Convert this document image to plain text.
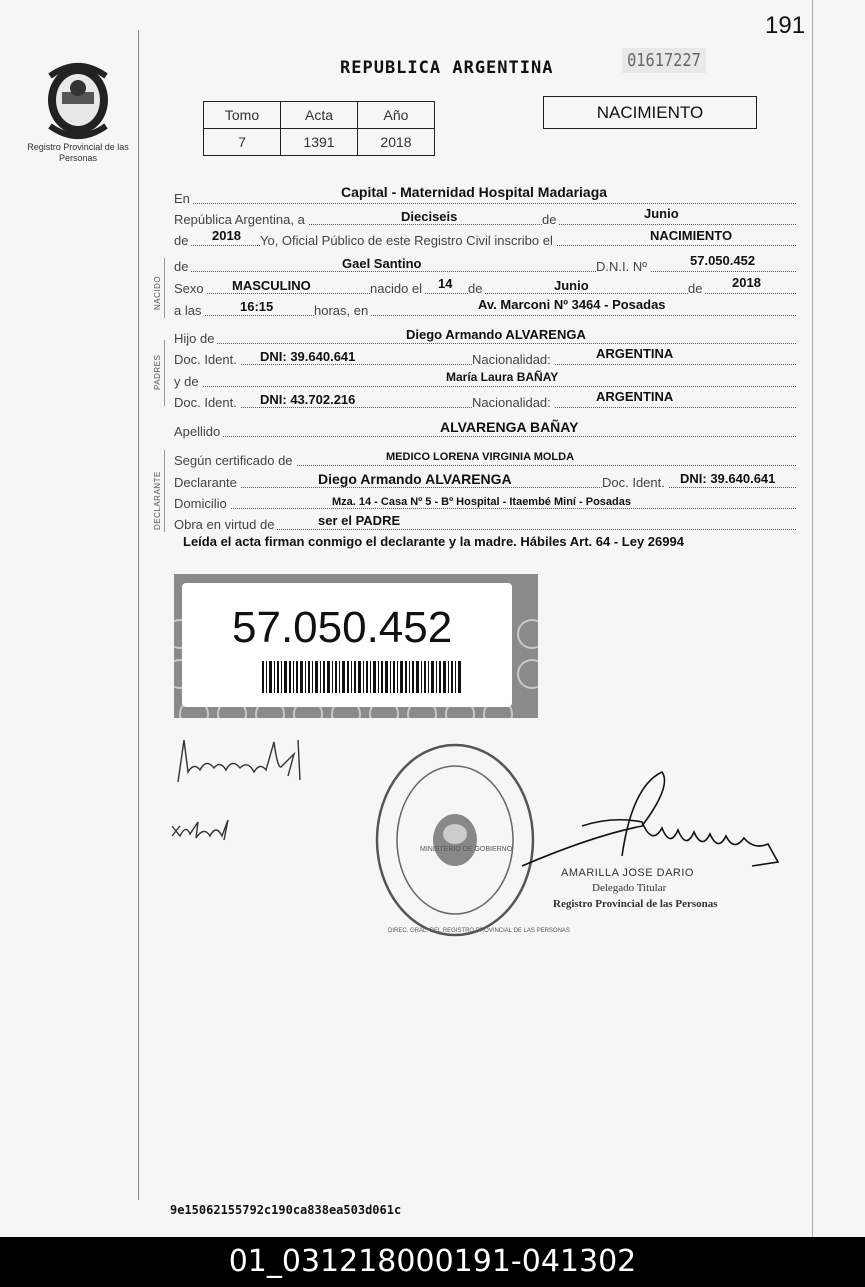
191
Registro Provincial de las Personas
REPUBLICA ARGENTINA	01617227
Tomo	Acta	Año
7	1391	2018
NACIMIENTO
NACIDO
PADRES
DECLARANTE
En	Capital - Maternidad Hospital Madariaga
República Argentina, a	Dieciseis	de	Junio
de 2018 Yo, Oficial Público de este Registro Civil inscribo el	NACIMIENTO
de	Gael Santino	D.N.I. Nº	57.050.452
Sexo MASCULINO	nacido el 14 de	Junio	de 2018
a las	16:15	horas, en	Av. Marconi Nº 3464 - Posadas
Hijo de	Diego Armando ALVARENGA
Doc. Ident. DNI: 39.640.641	Nacionalidad:	ARGENTINA
y de	María Laura BAÑAY
Doc. Ident. DNI: 43.702.216	Nacionalidad:	ARGENTINA
Apellido	ALVARENGA BAÑAY
Según certificado de	MEDICO LORENA VIRGINIA MOLDA
Declarante	Diego Armando ALVARENGA	Doc. Ident. DNI: 39.640.641
Domicilio	Mza. 14 - Casa Nº 5 - Bº Hospital - Itaembé Miní - Posadas
Obra en virtud de	ser el PADRE
Leída el acta firman conmigo el declarante y la madre. Hábiles Art. 64 - Ley 26994
57.050.452
MINISTERIO DE GOBIERNO
DIREC. GRAL. DEL REGISTRO PROVINCIAL DE LAS PERSONAS
AMARILLA JOSE DARIO
Delegado Titular
Registro Provincial de las Personas
9e15062155792c190ca838ea503d061c
01_031218000191-041302
